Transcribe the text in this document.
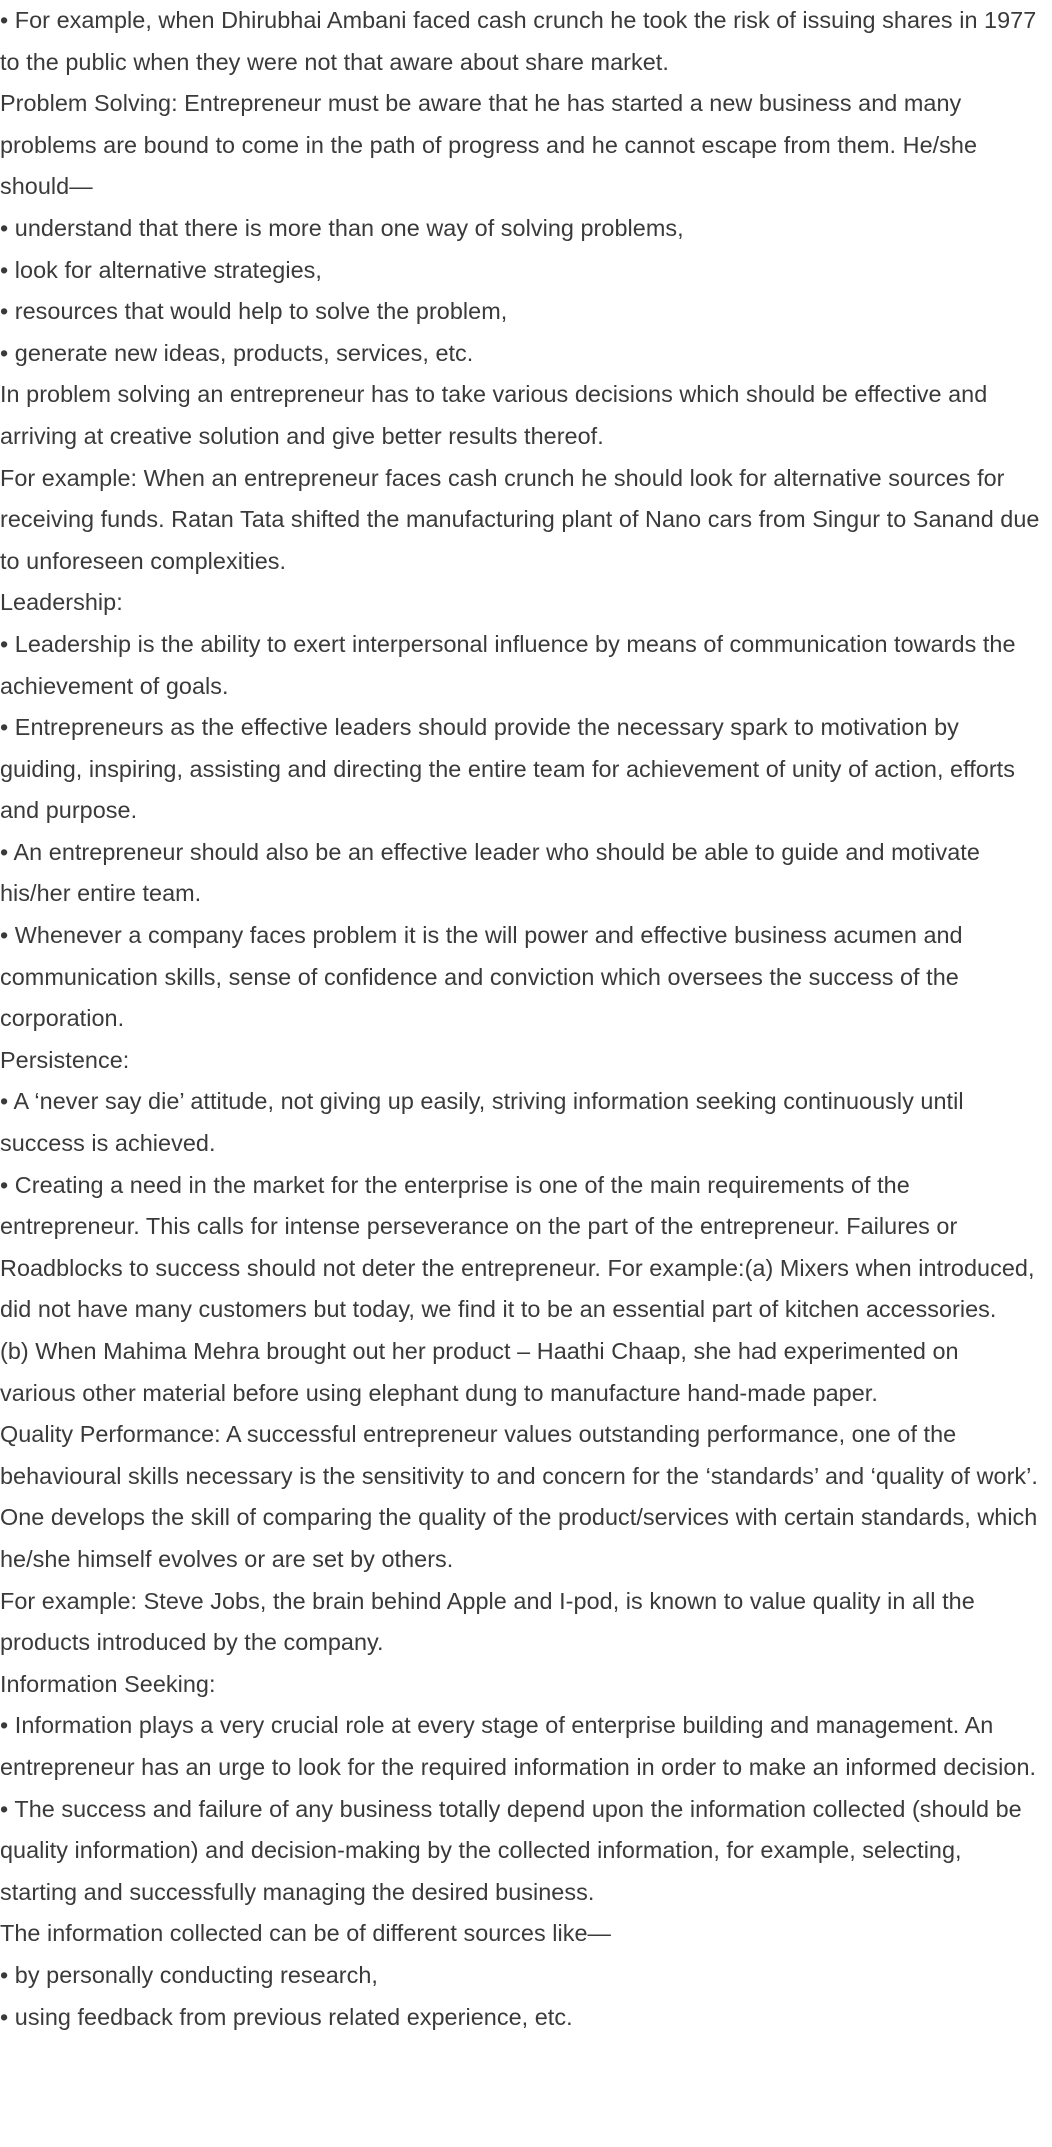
• For example, when Dhirubhai Ambani faced cash crunch he took the risk of issuing shares in 1977 to the public when they were not that aware about share market.

Problem Solving: Entrepreneur must be aware that he has started a new business and many problems are bound to come in the path of progress and he cannot escape from them. He/she should—

• understand that there is more than one way of solving problems,

• look for alternative strategies,

• resources that would help to solve the problem,

• generate new ideas, products, services, etc.

In problem solving an entrepreneur has to take various decisions which should be effective and arriving at creative solution and give better results thereof.

For example: When an entrepreneur faces cash crunch he should look for alternative sources for receiving funds. Ratan Tata shifted the manufacturing plant of Nano cars from Singur to Sanand due to unforeseen complexities.

Leadership:

• Leadership is the ability to exert interpersonal influence by means of communication towards the achievement of goals.

• Entrepreneurs as the effective leaders should provide the necessary spark to motivation by guiding, inspiring, assisting and directing the entire team for achievement of unity of action, efforts and purpose.

• An entrepreneur should also be an effective leader who should be able to guide and motivate his/her entire team.

• Whenever a company faces problem it is the will power and effective business acumen and communication skills, sense of confidence and conviction which oversees the success of the corporation.

Persistence:

• A ‘never say die’ attitude, not giving up easily, striving information seeking continuously until success is achieved.

• Creating a need in the market for the enterprise is one of the main requirements of the entrepreneur. This calls for intense perseverance on the part of the entrepreneur. Failures or Roadblocks to success should not deter the entrepreneur. For example:(a) Mixers when introduced, did not have many customers but today, we find it to be an essential part of kitchen accessories.

(b) When Mahima Mehra brought out her product – Haathi Chaap, she had experimented on various other material before using elephant dung to manufacture hand-made paper.

Quality Performance: A successful entrepreneur values outstanding performance, one of the behavioural skills necessary is the sensitivity to and concern for the ‘standards’ and ‘quality of work’.

One develops the skill of comparing the quality of the product/services with certain standards, which he/she himself evolves or are set by others.

For example: Steve Jobs, the brain behind Apple and I-pod, is known to value quality in all the products introduced by the company.

Information Seeking:

• Information plays a very crucial role at every stage of enterprise building and management. An entrepreneur has an urge to look for the required information in order to make an informed decision.

• The success and failure of any business totally depend upon the information collected (should be quality information) and decision-making by the collected information, for example, selecting, starting and successfully managing the desired business.

The information collected can be of different sources like—

• by personally conducting research,

• using feedback from previous related experience, etc.
